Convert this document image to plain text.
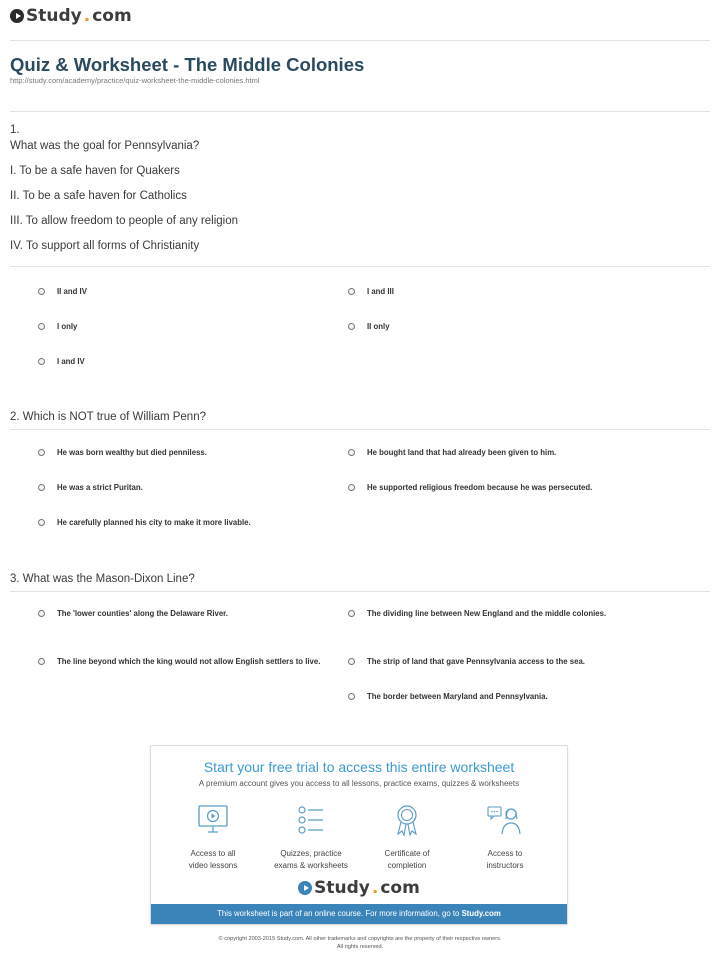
Study . com
Quiz & Worksheet - The Middle Colonies
http://study.com/academy/practice/quiz-worksheet-the-middle-colonies.html
1.
What was the goal for Pennsylvania?
I. To be a safe haven for Quakers
II. To be a safe haven for Catholics
III. To allow freedom to people of any religion
IV. To support all forms of Christianity
II and IV	I and III
I only	II only
I and IV
2. Which is NOT true of William Penn?
He was born wealthy but died penniless.	He bought land that had already been given to him.
He was a strict Puritan.	He supported religious freedom because he was persecuted.
He carefully planned his city to make it more livable.
3. What was the Mason-Dixon Line?
The 'lower counties' along the Delaware River.	The dividing line between New England and the middle colonies.
The line beyond which the king would not allow English settlers to live.	The strip of land that gave Pennsylvania access to the sea.
The border between Maryland and Pennsylvania.
Start your free trial to access this entire worksheet
A premium account gives you access to all lessons, practice exams, quizzes & worksheets
Access to all
video lessons
Quizzes, practice
exams & worksheets
Certificate of
completion
Access to
instructors
Study . com
This worksheet is part of an online course. For more information, go to Study.com
© copyright 2003-2015 Study.com. All other trademarks and copyrights are the property of their respective owners.
All rights reserved.
